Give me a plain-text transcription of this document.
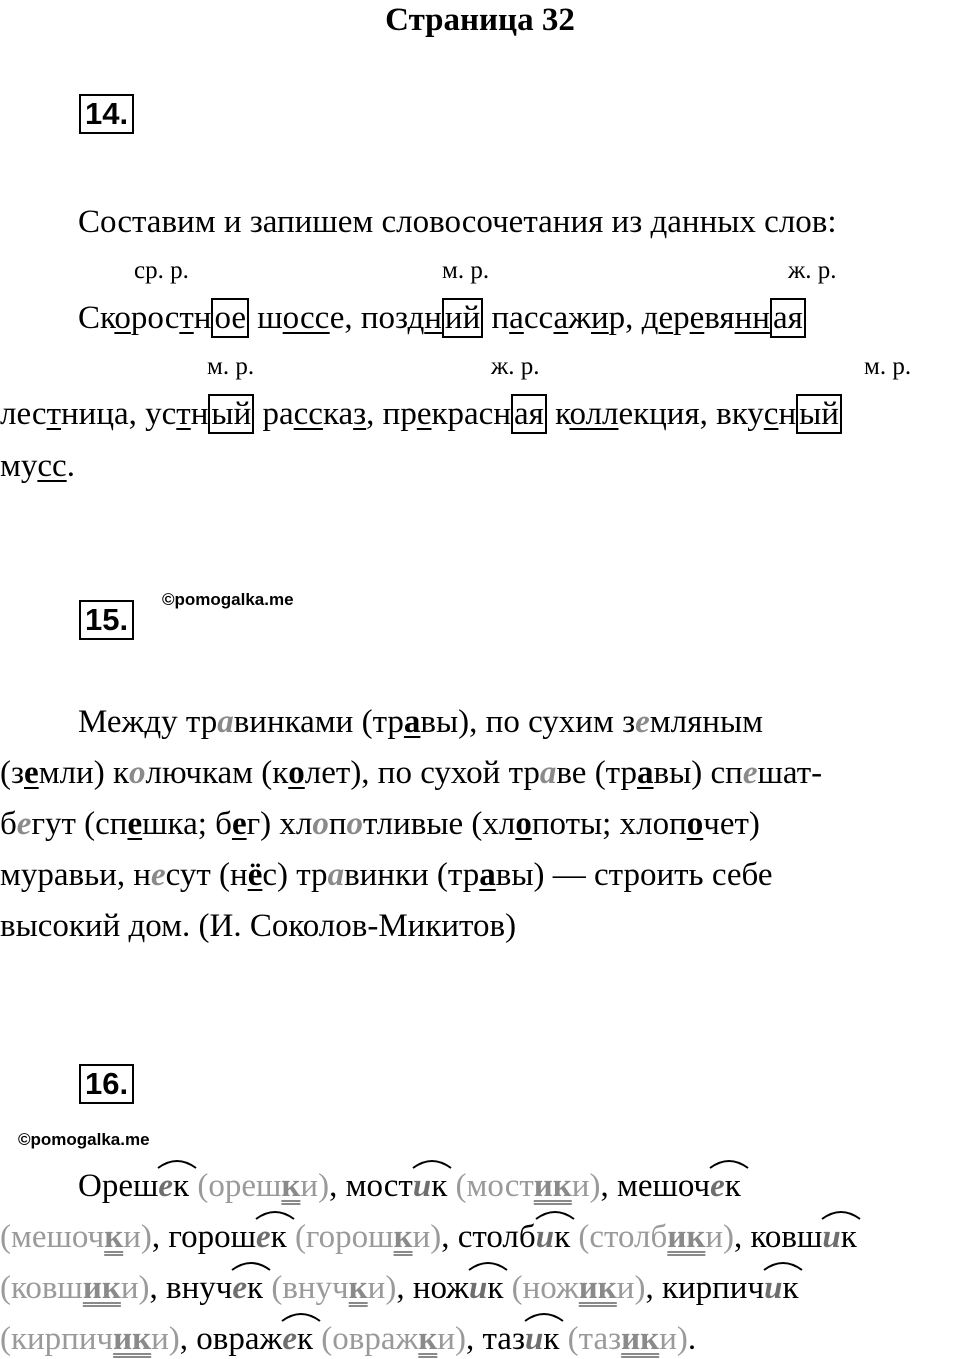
Страница 32
14.
Составим и запишем словосочетания из данных слов:
ср. р.	м. р.	ж. р.
Скоростное шоссе, поздний пассажир, деревянная
м. р.	ж. р.	м. р.
лестница, устный рассказ, прекрасная коллекция, вкусный
мусс.
15.
©pomogalka.me
Между травинками (травы), по сухим земляным
(земли) колючкам (колет), по сухой траве (травы) спешат-
бегут (спешка; бег) хлопотливые (хлопоты; хлопочет)
муравьи, несут (нёс) травинки (травы) — строить себе
высокий дом. (И. Соколов-Микитов)
16.
©pomogalka.me
Ореш
ек (орешки), мост
ик (мостики), мешоч
ек
(мешочки), горош
ек (горошки), столб
ик (столбики), ковш
ик
(ковшики), внуч
ек (внучки), нож
ик (ножики), кирпич
ик
(кирпичики), овраж
ек (овражки), таз
ик (тазики).
